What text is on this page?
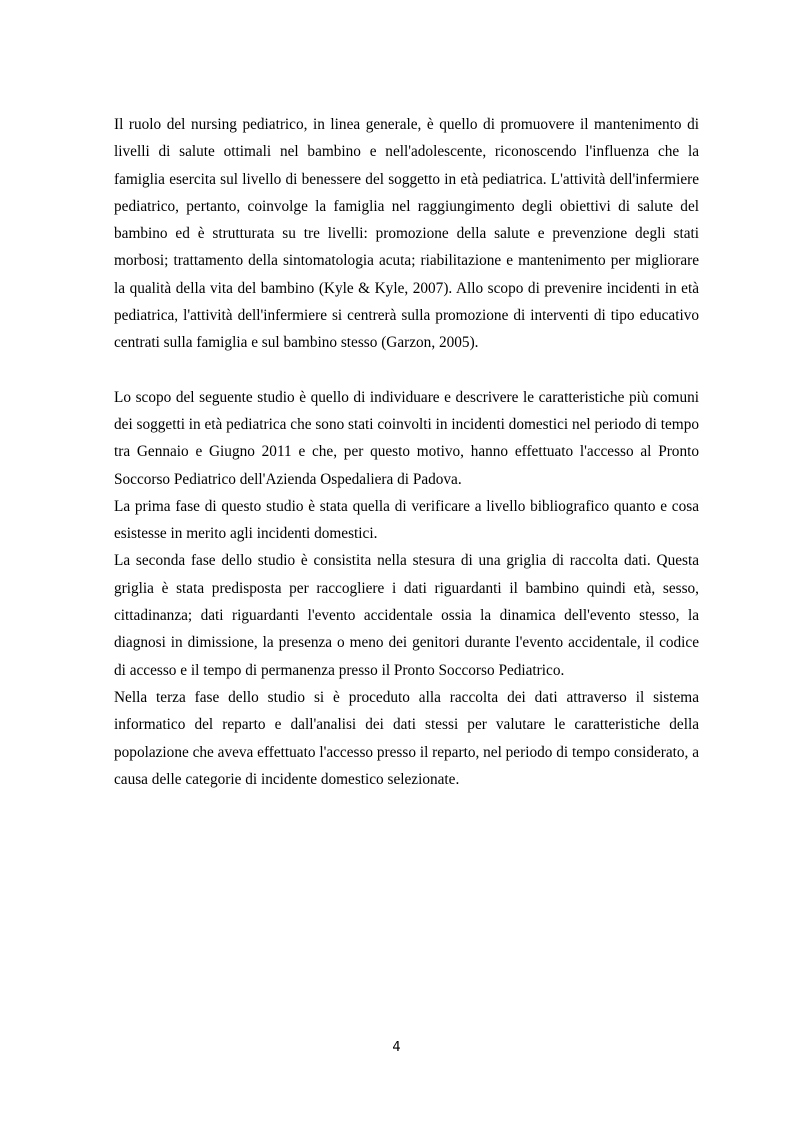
Il ruolo del nursing pediatrico, in linea generale, è quello di promuovere il mantenimento di livelli di salute ottimali nel bambino e nell'adolescente, riconoscendo l'influenza che la famiglia esercita sul livello di benessere del soggetto in età pediatrica. L'attività dell'infermiere pediatrico, pertanto, coinvolge la famiglia nel raggiungimento degli obiettivi di salute del bambino ed è strutturata su tre livelli: promozione della salute e prevenzione degli stati morbosi; trattamento della sintomatologia acuta; riabilitazione e mantenimento per migliorare la qualità della vita del bambino (Kyle & Kyle, 2007). Allo scopo di prevenire incidenti in età pediatrica, l'attività dell'infermiere si centrerà sulla promozione di interventi di tipo educativo centrati sulla famiglia e sul bambino stesso (Garzon, 2005).

Lo scopo del seguente studio è quello di individuare e descrivere le caratteristiche più comuni dei soggetti in età pediatrica che sono stati coinvolti in incidenti domestici nel periodo di tempo tra Gennaio e Giugno 2011 e che, per questo motivo, hanno effettuato l'accesso al Pronto Soccorso Pediatrico dell'Azienda Ospedaliera di Padova.

La prima fase di questo studio è stata quella di verificare a livello bibliografico quanto e cosa esistesse in merito agli incidenti domestici.

La seconda fase dello studio è consistita nella stesura di una griglia di raccolta dati. Questa griglia è stata predisposta per raccogliere i dati riguardanti il bambino quindi età, sesso, cittadinanza; dati riguardanti l'evento accidentale ossia la dinamica dell'evento stesso, la diagnosi in dimissione, la presenza o meno dei genitori durante l'evento accidentale, il codice di accesso e il tempo di permanenza presso il Pronto Soccorso Pediatrico.

Nella terza fase dello studio si è proceduto alla raccolta dei dati attraverso il sistema informatico del reparto e dall'analisi dei dati stessi per valutare le caratteristiche della popolazione che aveva effettuato l'accesso presso il reparto, nel periodo di tempo considerato, a causa delle categorie di incidente domestico selezionate.

4
